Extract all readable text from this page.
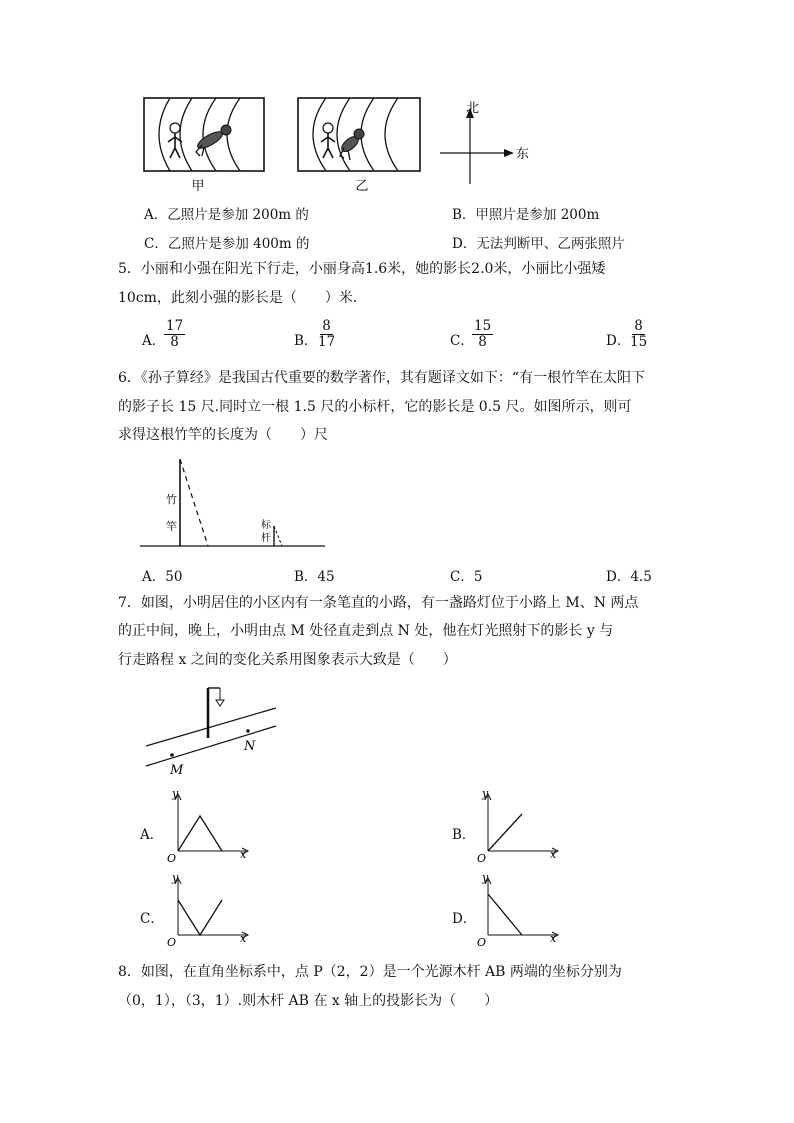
甲	乙
北
东
A．乙照片是参加 200m 的	B．甲照片是参加 200m
C．乙照片是参加 400m 的	D．无法判断甲、乙两张照片
5．小丽和小强在阳光下行走，小丽身高1.6米，她的影长2.0米，小丽比小强矮
10cm，此刻小强的影长是（　　）米．
A．
$\frac{17}{8}$	B．
$\frac{8}{17}$	C．
$\frac{15}{8}$	D．
$\frac{8}{15}$
6．《孙子算经》是我国古代重要的数学著作，其有题译文如下：“有一根竹竿在太阳下
的影子长 15 尺.同时立一根 1.5 尺的小标杆，它的影长是 0.5 尺。如图所示，则可
求得这根竹竿的长度为（　　）尺
竹
竿	标
杆
A．50	B．45	C．5	D．4.5
7．如图，小明居住的小区内有一条笔直的小路，有一盏路灯位于小路上 M、N 两点
的正中间，晚上，小明由点 M 处径直走到点 N 处，他在灯光照射下的影长 y 与
行走路程 x 之间的变化关系用图象表示大致是（　　）
M
N
A．
y
x
O
B．
y
x
O
C．
y
x
O
D．
y
x
O
8．如图，在直角坐标系中，点 P（2，2）是一个光源木杆 AB 两端的坐标分别为
（0，1），（3，1）.则木杆 AB 在 x 轴上的投影长为（　　）
